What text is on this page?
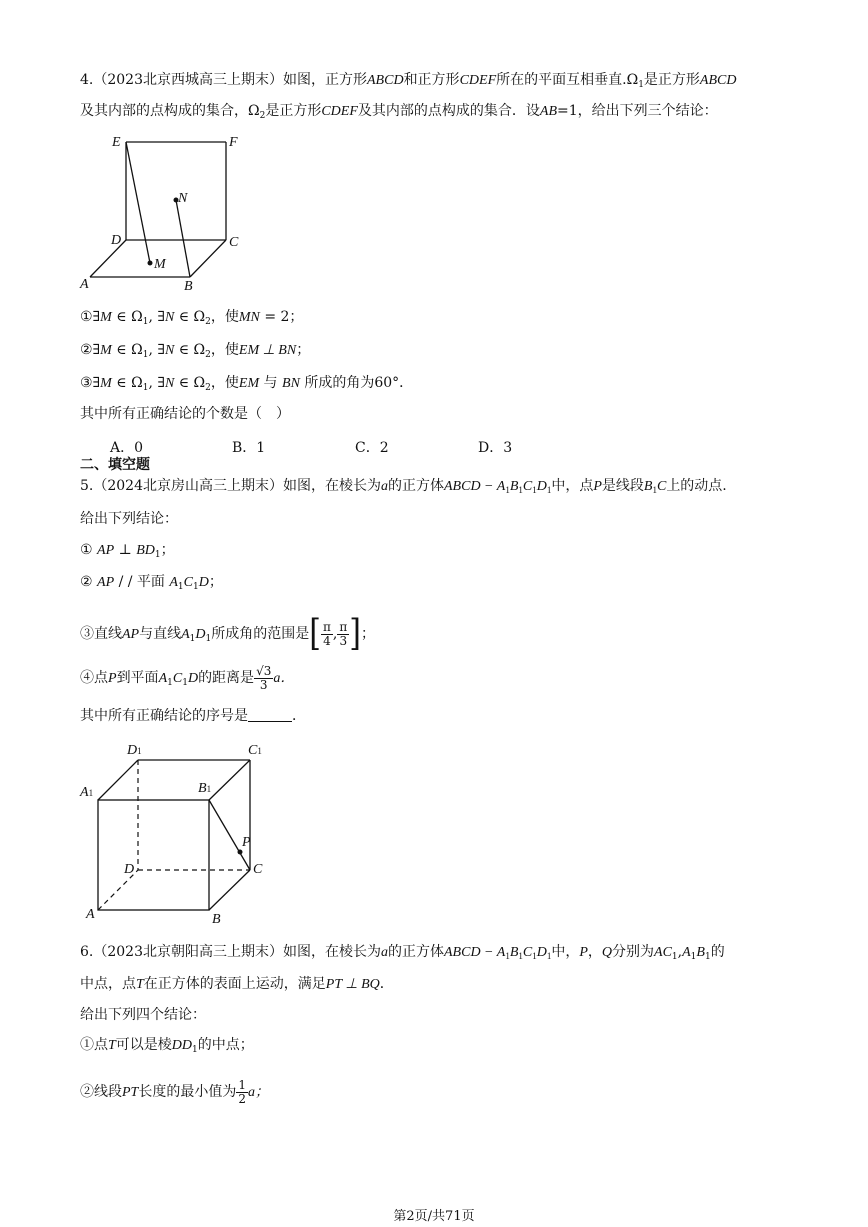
4.（2023北京西城高三上期末）如图，正方形ABCD和正方形CDEF所在的平面互相垂直$.\Omega_1$是正方形ABCD
及其内部的点构成的集合，$\Omega_2$是正方形CDEF及其内部的点构成的集合．设AB=1，给出下列三个结论：
E	F
D	C
A	B
M
N
①∃M ∈ $\Omega_1$, ∃N ∈ $\Omega_2$，使MN = 2；
②∃M ∈ $\Omega_1$, ∃N ∈ $\Omega_2$，使EM ⊥ BN；
③∃M ∈ $\Omega_1$, ∃N ∈ $\Omega_2$，使EM 与 BN 所成的角为60°．
其中所有正确结论的个数是（　）
A．0	B．1	C．2	D．3
二、填空题
5.（2024北京房山高三上期末）如图，在棱长为a的正方体ABCD − $A_1B_1C_1D_1$中，点P是线段$B_1C$上的动点.
给出下列结论：
① AP ⊥ $BD_1$；
② AP / / 平面 $A_1C_1D$；
③直线AP与直线$A_1D_1$所成角的范围是[ $\frac{\pi}{4}$ , $\frac{\pi}{3}$ ]；
④点P到平面$A_1C_1D$的距离是 $\frac{√3}{3}$ a．
其中所有正确结论的序号是	．
D1	C1
A1	B1
P
D	C
A	B
6.（2023北京朝阳高三上期末）如图，在棱长为a的正方体ABCD − $A_1B_1C_1D_1$中，P，Q分别为$AC_1,A_1B_1$的
中点，点T在正方体的表面上运动，满足PT ⊥ BQ．
给出下列四个结论：
①点T可以是棱$DD_1$的中点；
②线段PT长度的最小值为 $\frac{1}{2}$ a；
第2页/共71页
